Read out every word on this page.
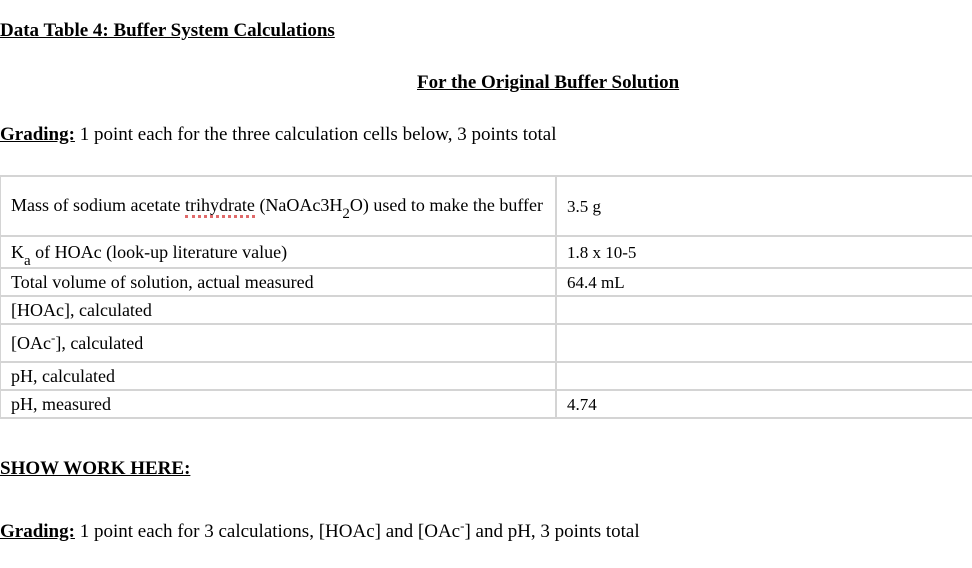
Data Table 4: Buffer System Calculations
For the Original Buffer Solution
Grading: 1 point each for the three calculation cells below, 3 points total
Mass of sodium acetate trihydrate $(NaOAc3H_2O)$ used to make the buffer	3.5 g
$K_a$ of HOAc (look-up literature value)	1.8 x 10-5
Total volume of solution, actual measured	64.4 mL
[HOAc], calculated	
[OAc-], calculated	
pH, calculated	
pH, measured	4.74
SHOW WORK HERE:
Grading: 1 point each for 3 calculations, [HOAc] and [OAc-] and pH, 3 points total
